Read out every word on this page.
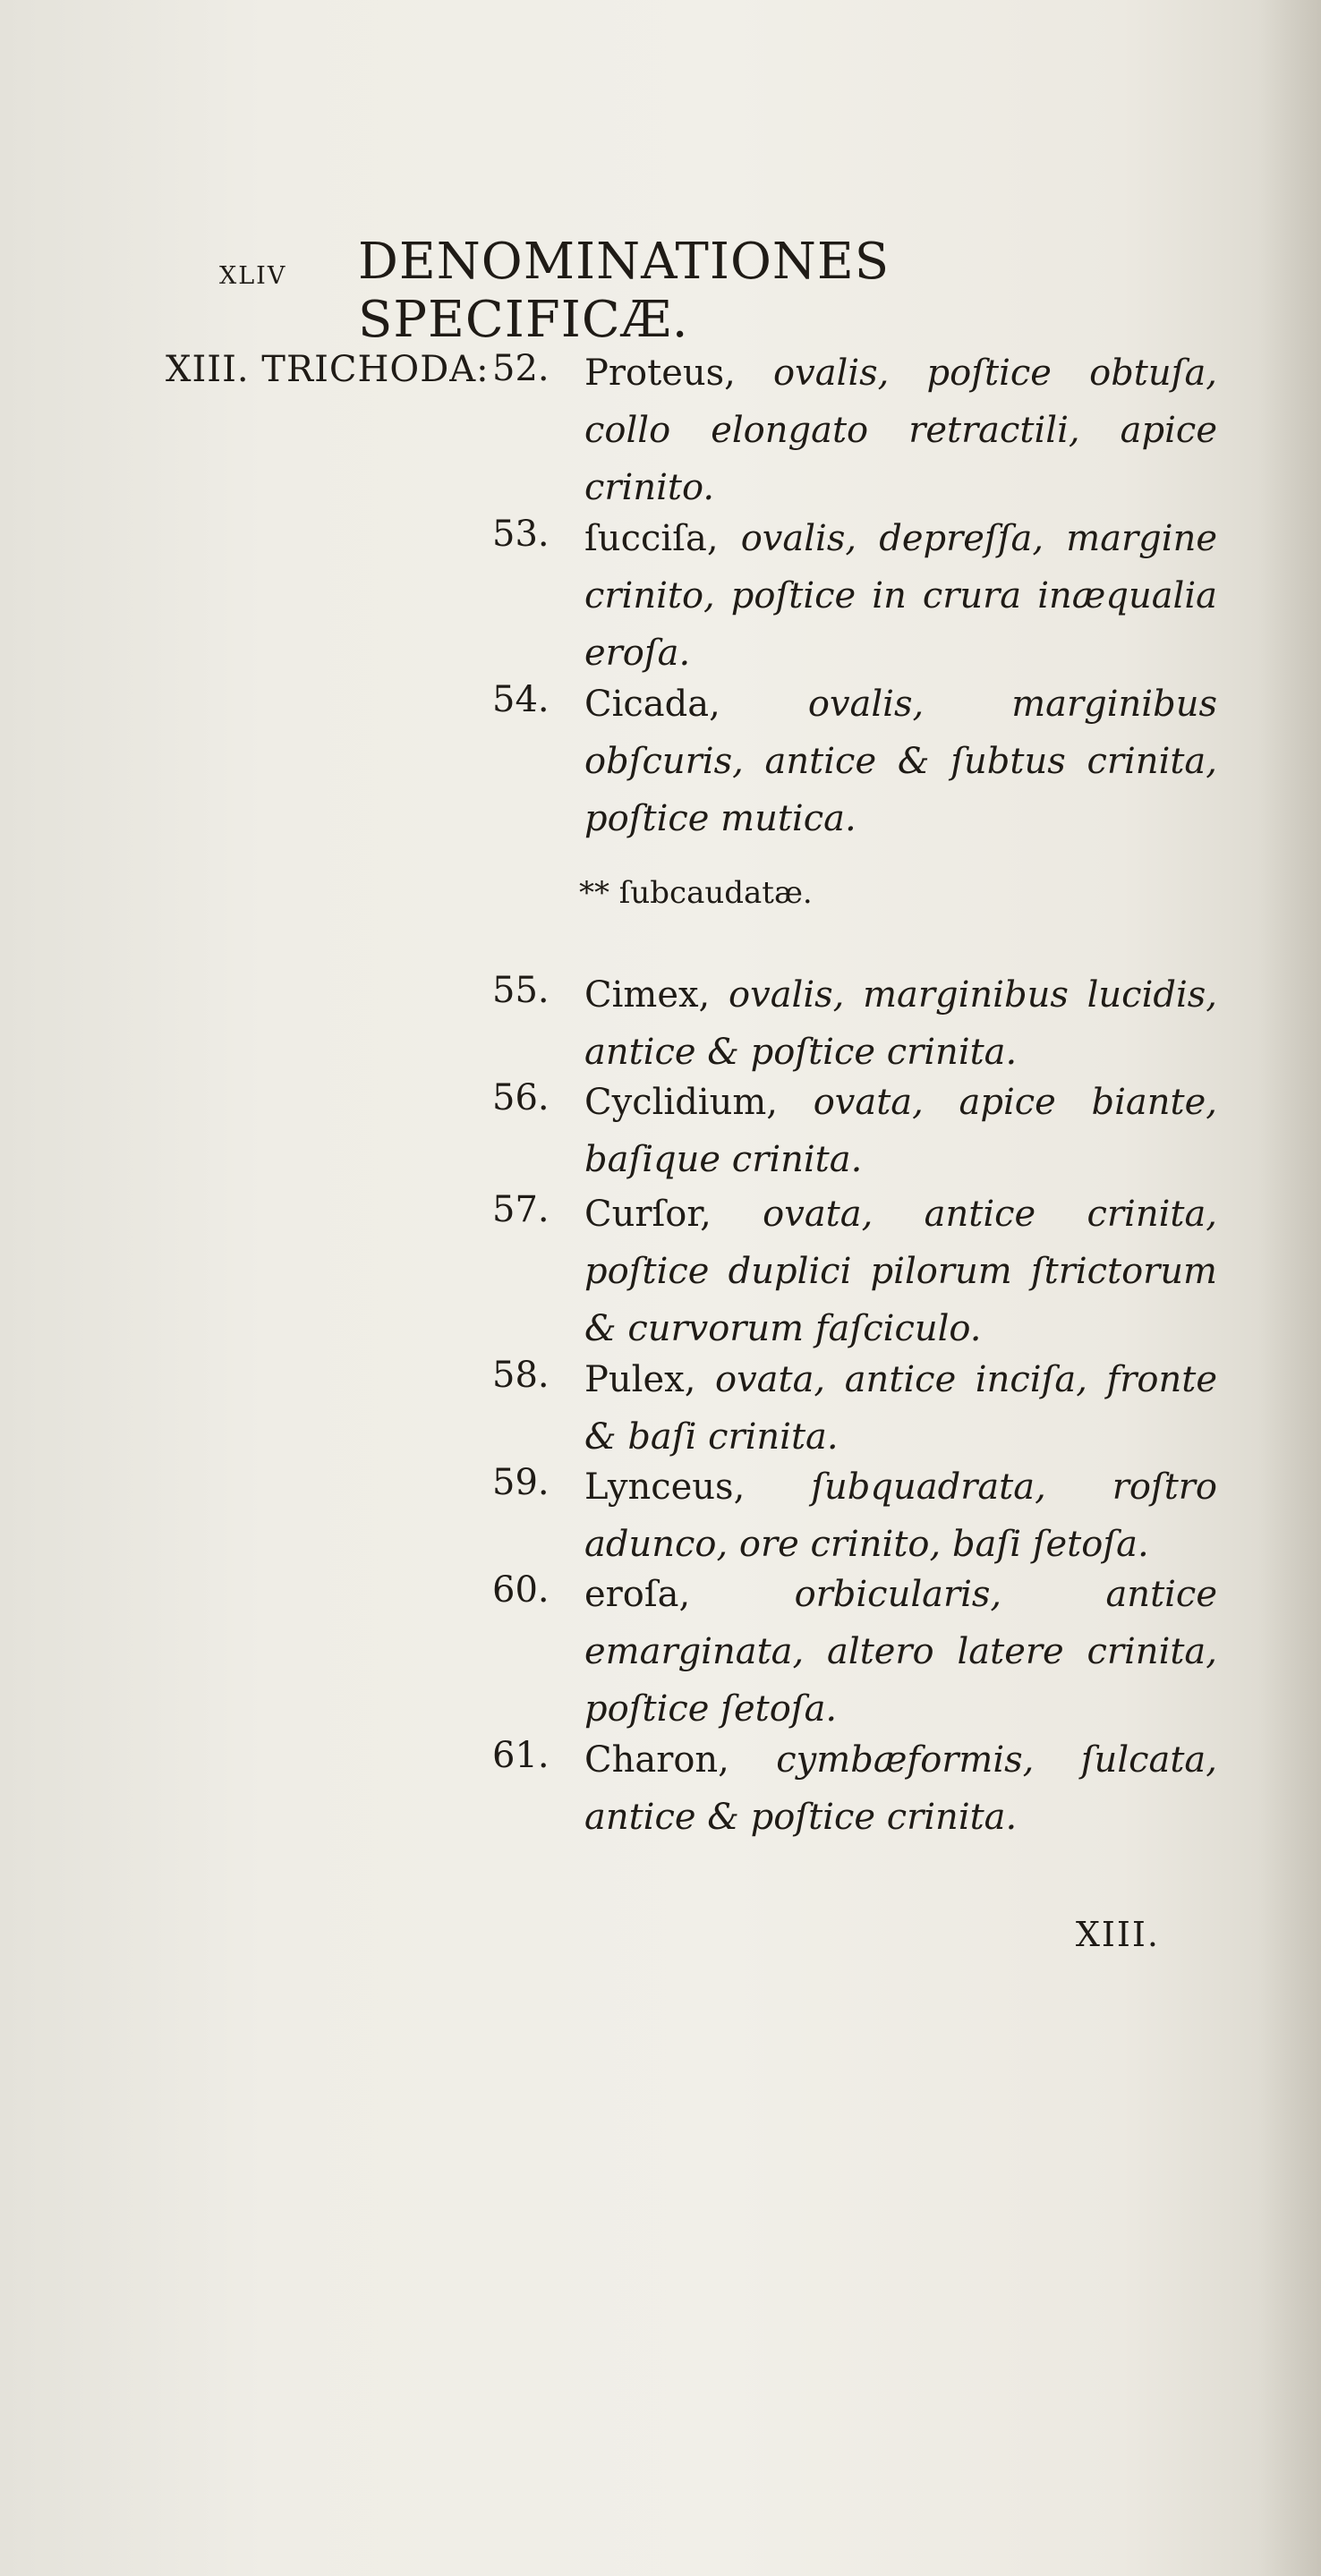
xliv DENOMINATIONES SPECIFICÆ.
XIII. TRICHODA: 52. Proteus, ovalis, poſtice obtuſa, collo elongato retractili, apice crinito.
53. ſucciſa, ovalis, depreſſa, margine crinito, poſtice in crura inæqualia eroſa.
54. Cicada, ovalis, marginibus obſcuris, antice & ſubtus crinita, poſtice mutica.
** ſubcaudatæ.
55. Cimex, ovalis, marginibus lucidis, antice & poſtice crinita.
56. Cyclidium, ovata, apice biante, baſique crinita.
57. Curſor, ovata, antice crinita, poſtice duplici pilorum ſtrictorum & curvorum faſciculo.
58. Pulex, ovata, antice inciſa, fronte & baſi crinita.
59. Lynceus, ſubquadrata, roſtro adunco, ore crinito, baſi ſetoſa.
60. eroſa,	orbicularis, antice emarginata, altero latere crinita, poſtice ſetoſa.
61. Charon, cymbæformis, ſulcata, antice & poſtice crinita.
XIII.
